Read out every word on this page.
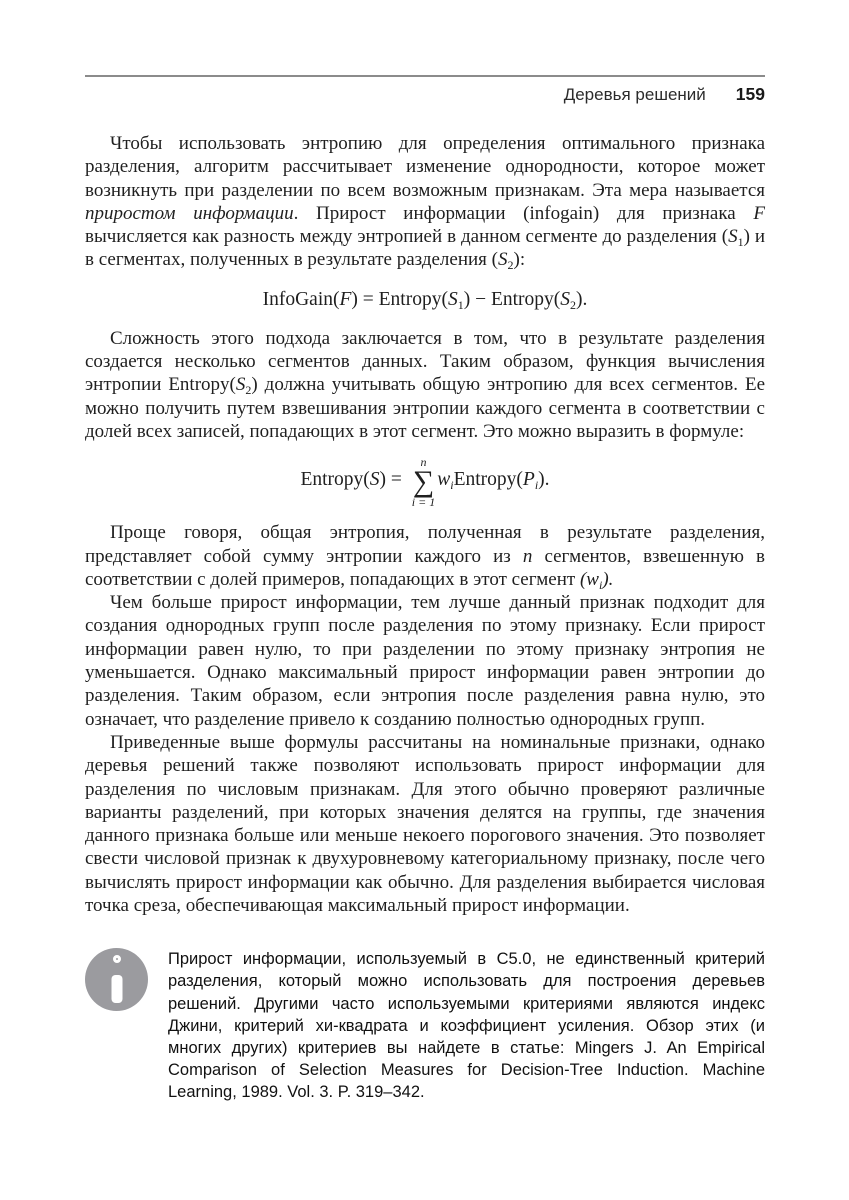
Деревья решений 159

Чтобы использовать энтропию для определения оптимального признака разделения, алгоритм рассчитывает изменение однородности, которое может возникнуть при разделении по всем возможным признакам. Эта мера называется приростом информации. Прирост информации (infogain) для признака F вычисляется как разность между энтропией в данном сегменте до разделения $(S_1)$ и в сегментах, полученных в результате разделения $(S_2)$:

InfoGain(F) = $Entropy(S_1)$ − $Entropy(S_2)$.

Сложность этого подхода заключается в том, что в результате разделения создается несколько сегментов данных. Таким образом, функция вычисления энтропии $Entropy(S_2)$ должна учитывать общую энтропию для всех сегментов. Ее можно получить путем взвешивания энтропии каждого сегмента в соответствии с долей всех записей, попадающих в этот сегмент. Это можно выразить в формуле:

Entropy(S) =
n
∑
i = 1
$w_iEntropy(P_i)$.

Проще говоря, общая энтропия, полученная в результате разделения, представляет собой сумму энтропии каждого из n сегментов, взвешенную в соответствии с долей примеров, попадающих в этот сегмент $(w_i)$.

Чем больше прирост информации, тем лучше данный признак подходит для создания однородных групп после разделения по этому признаку. Если прирост информации равен нулю, то при разделении по этому признаку энтропия не уменьшается. Однако максимальный прирост информации равен энтропии до разделения. Таким образом, если энтропия после разделения равна нулю, это означает, что разделение привело к созданию полностью однородных групп.

Приведенные выше формулы рассчитаны на номинальные признаки, однако деревья решений также позволяют использовать прирост информации для разделения по числовым признакам. Для этого обычно проверяют различные варианты разделений, при которых значения делятся на группы, где значения данного признака больше или меньше некоего порогового значения. Это позволяет свести числовой признак к двухуровневому категориальному признаку, после чего вычислять прирост информации как обычно. Для разделения выбирается числовая точка среза, обеспечивающая максимальный прирост информации.

Прирост информации, используемый в C5.0, не единственный критерий разделения, который можно использовать для построения деревьев решений. Другими часто используемыми критериями являются индекс Джини, критерий хи-квадрата и коэффициент усиления. Обзор этих (и многих других) критериев вы найдете в статье: Mingers J. An Empirical Comparison of Selection Measures for Decision-Tree Induction. Machine Learning, 1989. Vol. 3. P. 319–342.
